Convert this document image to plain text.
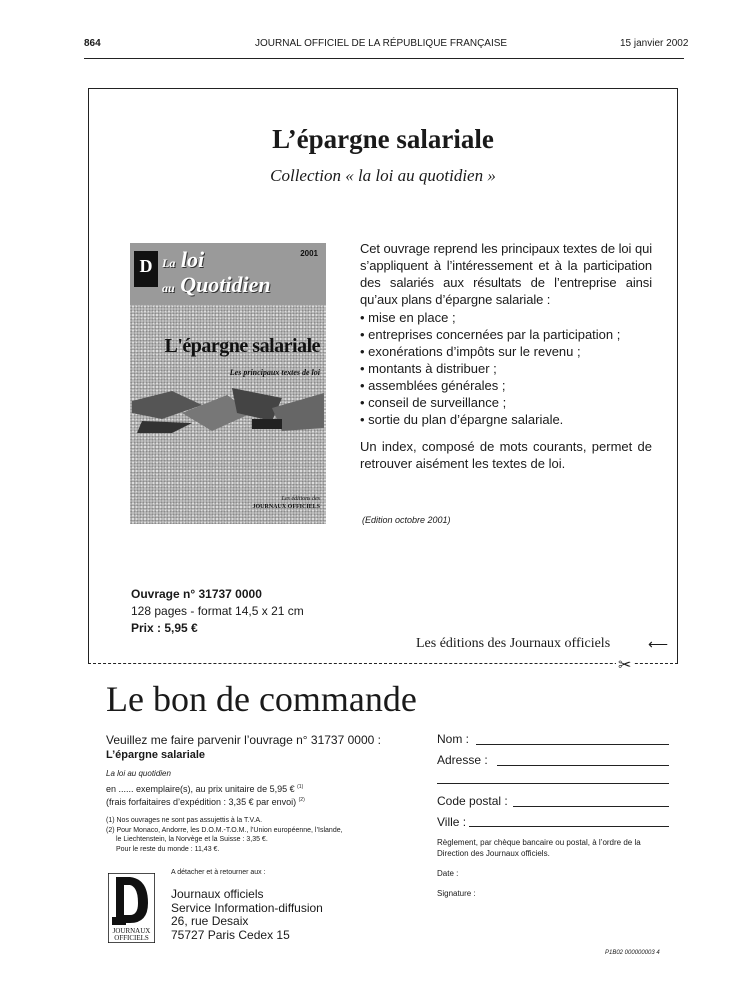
864	JOURNAL OFFICIEL DE LA RÉPUBLIQUE FRANÇAISE	15 janvier 2002
L’épargne salariale
Collection « la loi au quotidien »
D La loi
au Quotidien
2001
L'épargne salariale
Les principaux textes de loi
Les éditions des
JOURNAUX OFFICIELS
Cet ouvrage reprend les principaux textes de loi qui s’appliquent à l’intéressement et à la participation des salariés aux résultats de l’entreprise ainsi qu’aux plans d’épargne salariale :
• mise en place ;
• entreprises concernées par la participation ;
• exonérations d’impôts sur le revenu ;
• montants à distribuer ;
• assemblées générales ;
• conseil de surveillance ;
• sortie du plan d’épargne salariale.
Un index, composé de mots courants, permet de retrouver aisément les textes de loi.
(Edition octobre 2001)
Ouvrage n° 31737 0000
128 pages - format 14,5 x 21 cm
Prix : 5,95 €
Les éditions des Journaux officiels	⟵
✂
Le bon de commande
Veuillez me faire parvenir l’ouvrage n° 31737 0000 :
L’épargne salariale
La loi au quotidien
en ...... exemplaire(s), au prix unitaire de 5,95 € $^{(1)}$
(frais forfaitaires d’expédition : 3,35 € par envoi) $^{(2)}$
(1) Nos ouvrages ne sont pas assujettis à la T.V.A.
(2) Pour Monaco, Andorre, les D.O.M.-T.O.M., l’Union européenne, l’Islande,
le Liechtenstein, la Norvège et la Suisse : 3,35 €.
Pour le reste du monde : 11,43 €.
A détacher et à retourner aux :
JOURNAUX
OFFICIELS
Journaux officiels
Service Information-diffusion
26, rue Desaix
75727 Paris Cedex 15
Nom :
Adresse :
Code postal :
Ville :
Règlement, par chèque bancaire ou postal, à l’ordre de la Direction des Journaux officiels.
Date :
Signature :
P1B02 000000003 4
